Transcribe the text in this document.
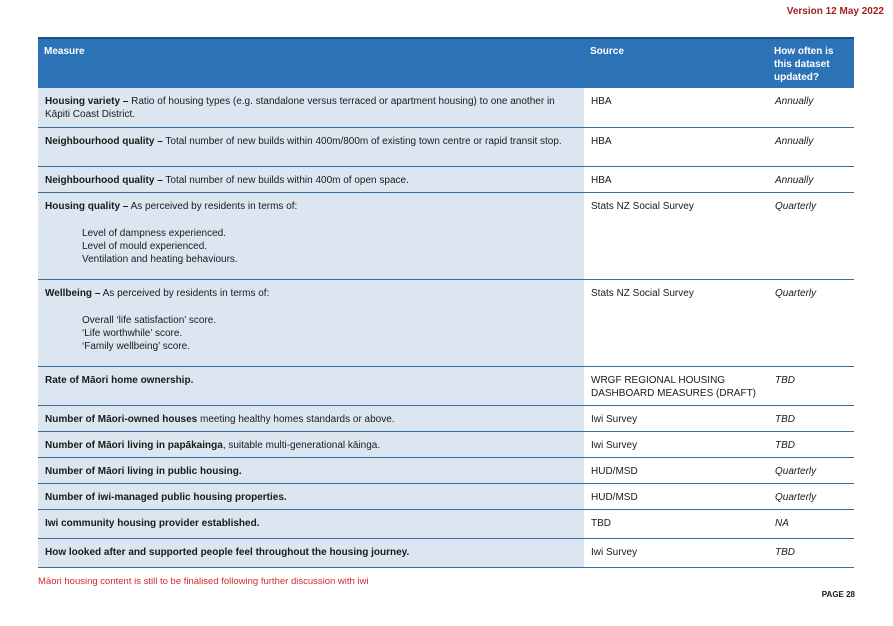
Version 12 May 2022
Measure	Source	How often is this dataset updated?
Housing variety – Ratio of housing types (e.g. standalone versus terraced or apartment housing) to one another in Kāpiti Coast District.	HBA	Annually
Neighbourhood quality – Total number of new builds within 400m/800m of existing town centre or rapid transit stop.	HBA	Annually
Neighbourhood quality – Total number of new builds within 400m of open space.	HBA	Annually
Housing quality – As perceived by residents in terms of:
Level of dampness experienced.
Level of mould experienced.
Ventilation and heating behaviours.	Stats NZ Social Survey	Quarterly
Wellbeing – As perceived by residents in terms of:
Overall ‘life satisfaction’ score.
‘Life worthwhile’ score.
‘Family wellbeing’ score.	Stats NZ Social Survey	Quarterly
Rate of Māori home ownership.	WRGF REGIONAL HOUSING DASHBOARD MEASURES (DRAFT)	TBD
Number of Māori-owned houses meeting healthy homes standards or above.	Iwi Survey	TBD
Number of Māori living in papākainga, suitable multi-generational kāinga.	Iwi Survey	TBD
Number of Māori living in public housing.	HUD/MSD	Quarterly
Number of iwi-managed public housing properties.	HUD/MSD	Quarterly
Iwi community housing provider established.	TBD	NA
How looked after and supported people feel throughout the housing journey.	Iwi Survey	TBD
Māori housing content is still to be finalised following further discussion with iwi
PAGE 28
